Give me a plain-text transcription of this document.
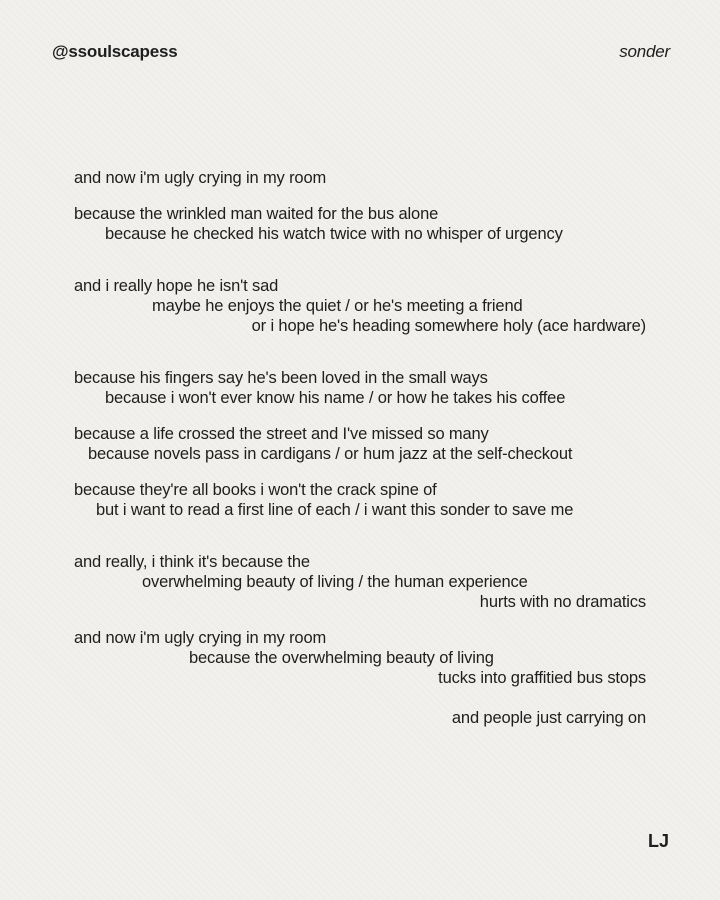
@ssoulscapess	sonder
and now i'm ugly crying in my room
because the wrinkled man waited for the bus alone
because he checked his watch twice with no whisper of urgency
and i really hope he isn't sad
maybe he enjoys the quiet / or he's meeting a friend
or i hope he's heading somewhere holy (ace hardware)
because his fingers say he's been loved in the small ways
because i won't ever know his name / or how he takes his coffee
because a life crossed the street and I've missed so many
because novels pass in cardigans / or hum jazz at the self-checkout
because they're all books i won't the crack spine of
but i want to read a first line of each / i want this sonder to save me
and really, i think it's because the
overwhelming beauty of living / the human experience
hurts with no dramatics
and now i'm ugly crying in my room
because the overwhelming beauty of living
tucks into graffitied bus stops
and people just carrying on
LJ
